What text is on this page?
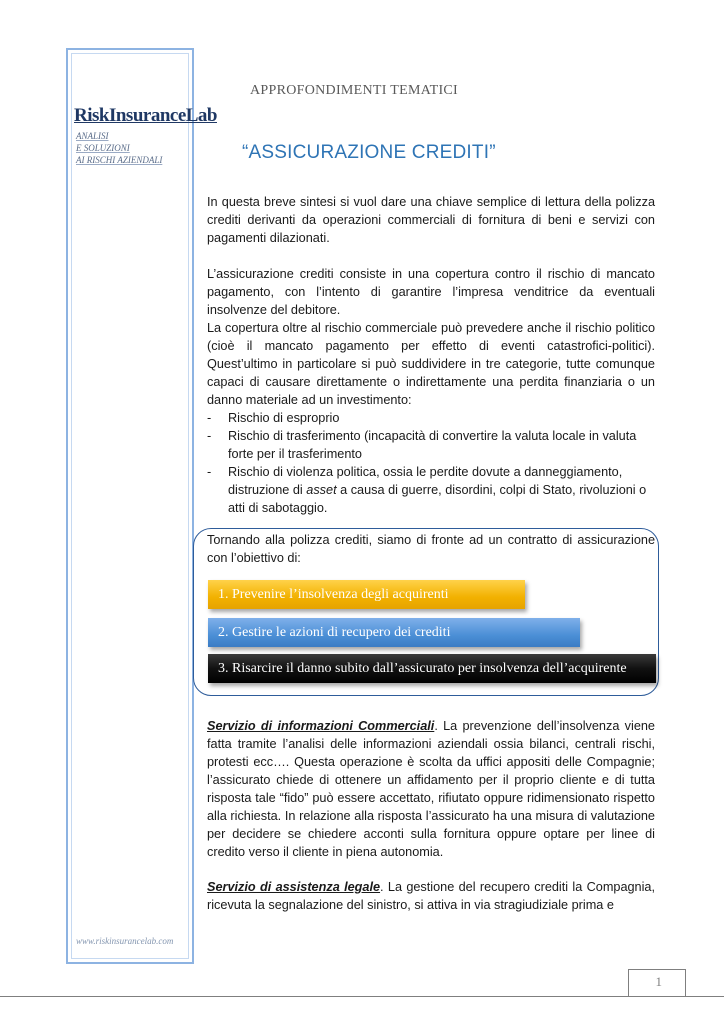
RiskInsuranceLab
ANALISI
E SOLUZIONI
AI RISCHI AZIENDALI
www.riskinsurancelab.com
APPROFONDIMENTI TEMATICI
“ASSICURAZIONE CREDITI”

In questa breve sintesi si vuol dare una chiave semplice di lettura della polizza crediti derivanti da operazioni commerciali di fornitura di beni e servizi con pagamenti dilazionati.

L’assicurazione crediti consiste in una copertura contro il rischio di mancato pagamento, con l’intento di garantire l’impresa venditrice da eventuali insolvenze del debitore.

La copertura oltre al rischio commerciale può prevedere anche il rischio politico (cioè il mancato pagamento per effetto di eventi catastrofici-politici). Quest’ultimo in particolare si può suddividere in tre categorie, tutte comunque capaci di causare direttamente o indirettamente una perdita finanziaria o un danno materiale ad un investimento:

- Rischio di esproprio
- Rischio di trasferimento (incapacità di convertire la valuta locale in valuta forte per il trasferimento
- Rischio di violenza politica, ossia le perdite dovute a danneggiamento, distruzione di asset a causa di guerre, disordini, colpi di Stato, rivoluzioni o atti di sabotaggio.

Tornando alla polizza crediti, siamo di fronte ad un contratto di assicurazione con l’obiettivo di:

1. Prevenire l’insolvenza degli acquirenti
2. Gestire le azioni di recupero dei crediti
3. Risarcire il danno subito dall’assicurato per insolvenza dell’acquirente

Servizio di informazioni Commerciali. La prevenzione dell’insolvenza viene fatta tramite l’analisi delle informazioni aziendali ossia bilanci, centrali rischi, protesti ecc…. Questa operazione è scolta da uffici appositi delle Compagnie; l’assicurato chiede di ottenere un affidamento per il proprio cliente e di tutta risposta tale “fido” può essere accettato, rifiutato oppure ridimensionato rispetto alla richiesta. In relazione alla risposta l’assicurato ha una misura di valutazione per decidere se chiedere acconti sulla fornitura oppure optare per linee di credito verso il cliente in piena autonomia.

Servizio di assistenza legale. La gestione del recupero crediti la Compagnia, ricevuta la segnalazione del sinistro, si attiva in via stragiudiziale prima e

1
